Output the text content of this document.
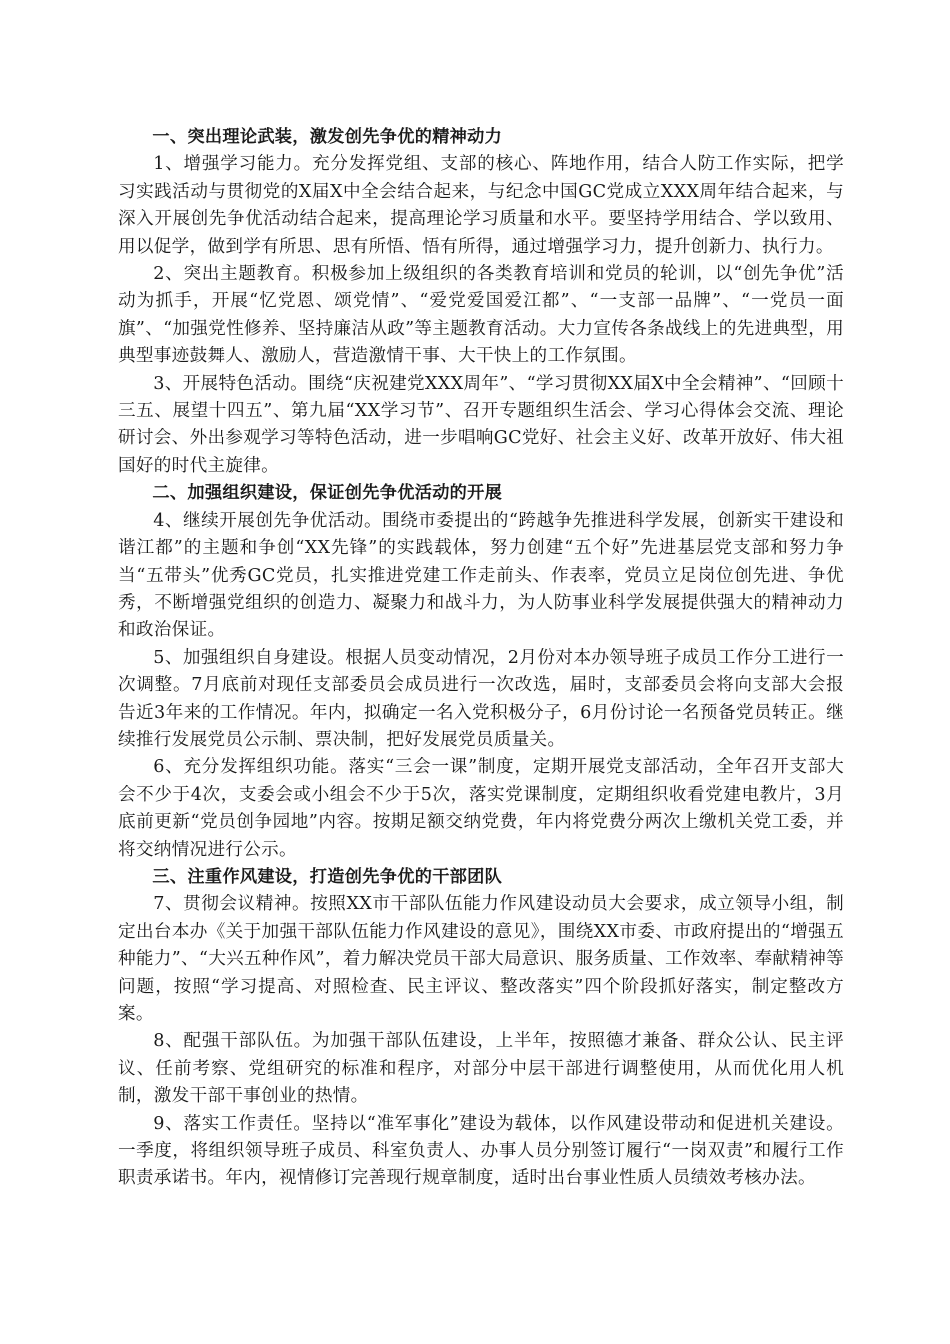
一、突出理论武装，激发创先争优的精神动力

1、增强学习能力。充分发挥党组、支部的核心、阵地作用，结合人防工作实际，把学习实践活动与贯彻党的X届X中全会结合起来，与纪念中国GC党成立XXX周年结合起来，与深入开展创先争优活动结合起来，提高理论学习质量和水平。要坚持学用结合、学以致用、用以促学，做到学有所思、思有所悟、悟有所得，通过增强学习力，提升创新力、执行力。

2、突出主题教育。积极参加上级组织的各类教育培训和党员的轮训，以“创先争优”活动为抓手，开展“忆党恩、颂党情”、“爱党爱国爱江都”、“一支部一品牌”、“一党员一面旗”、“加强党性修养、坚持廉洁从政”等主题教育活动。大力宣传各条战线上的先进典型，用典型事迹鼓舞人、激励人，营造激情干事、大干快上的工作氛围。

3、开展特色活动。围绕“庆祝建党XXX周年”、“学习贯彻XX届X中全会精神”、“回顾十三五、展望十四五”、第九届“XX学习节”、召开专题组织生活会、学习心得体会交流、理论研讨会、外出参观学习等特色活动，进一步唱响GC党好、社会主义好、改革开放好、伟大祖国好的时代主旋律。

二、加强组织建设，保证创先争优活动的开展

4、继续开展创先争优活动。围绕市委提出的“跨越争先推进科学发展，创新实干建设和谐江都”的主题和争创“XX先锋”的实践载体，努力创建“五个好”先进基层党支部和努力争当“五带头”优秀GC党员，扎实推进党建工作走前头、作表率，党员立足岗位创先进、争优秀，不断增强党组织的创造力、凝聚力和战斗力，为人防事业科学发展提供强大的精神动力和政治保证。

5、加强组织自身建设。根据人员变动情况，2月份对本办领导班子成员工作分工进行一次调整。7月底前对现任支部委员会成员进行一次改选，届时，支部委员会将向支部大会报告近3年来的工作情况。年内，拟确定一名入党积极分子，6月份讨论一名预备党员转正。继续推行发展党员公示制、票决制，把好发展党员质量关。

6、充分发挥组织功能。落实“三会一课”制度，定期开展党支部活动，全年召开支部大会不少于4次，支委会或小组会不少于5次，落实党课制度，定期组织收看党建电教片，3月底前更新“党员创争园地”内容。按期足额交纳党费，年内将党费分两次上缴机关党工委，并将交纳情况进行公示。

三、注重作风建设，打造创先争优的干部团队

7、贯彻会议精神。按照XX市干部队伍能力作风建设动员大会要求，成立领导小组，制定出台本办《关于加强干部队伍能力作风建设的意见》，围绕XX市委、市政府提出的“增强五种能力”、“大兴五种作风”，着力解决党员干部大局意识、服务质量、工作效率、奉献精神等问题，按照“学习提高、对照检查、民主评议、整改落实”四个阶段抓好落实，制定整改方案。

8、配强干部队伍。为加强干部队伍建设，上半年，按照德才兼备、群众公认、民主评议、任前考察、党组研究的标准和程序，对部分中层干部进行调整使用，从而优化用人机制，激发干部干事创业的热情。

9、落实工作责任。坚持以“准军事化”建设为载体，以作风建设带动和促进机关建设。一季度，将组织领导班子成员、科室负责人、办事人员分别签订履行“一岗双责”和履行工作职责承诺书。年内，视情修订完善现行规章制度，适时出台事业性质人员绩效考核办法。
